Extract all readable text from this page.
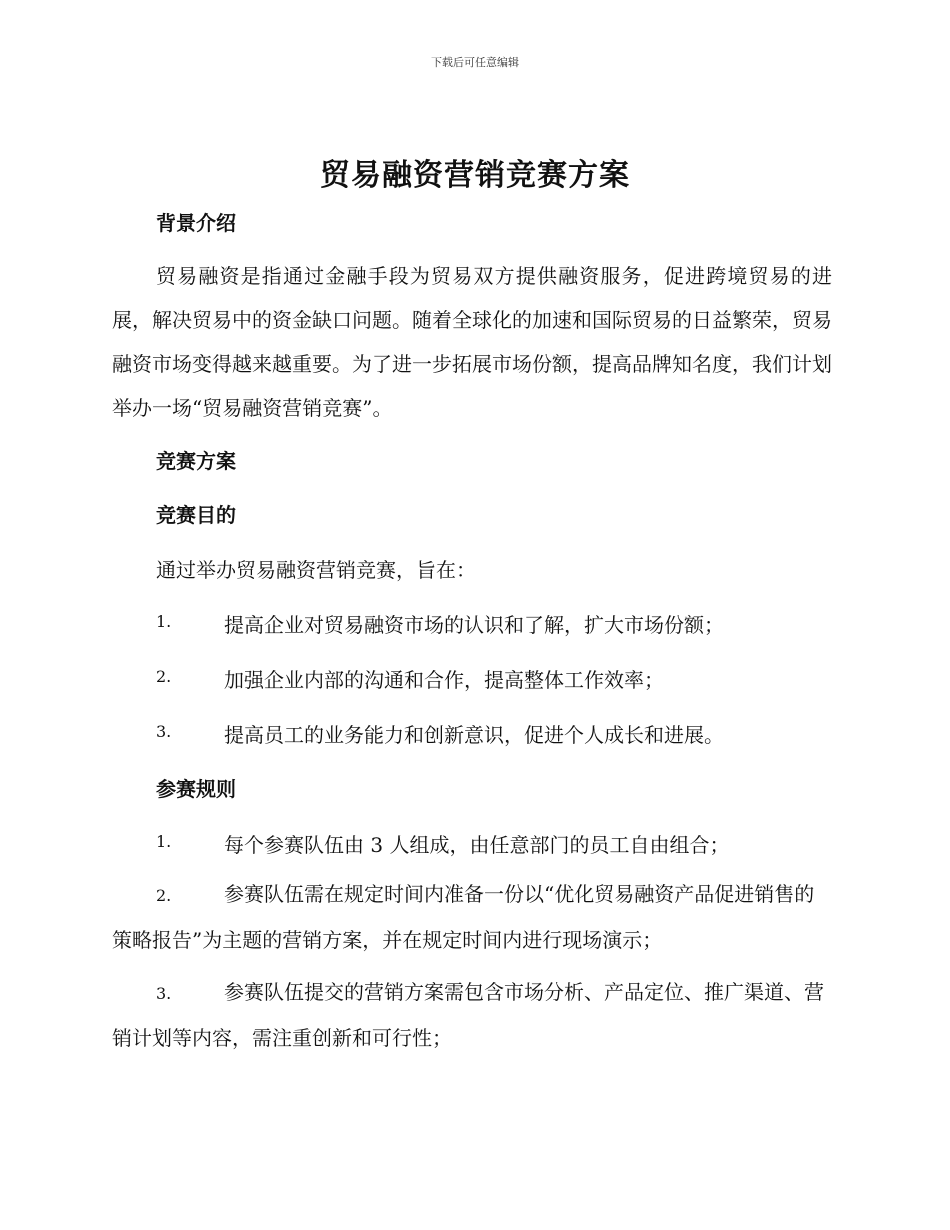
下载后可任意编辑
贸易融资营销竞赛方案
背景介绍
贸易融资是指通过金融手段为贸易双方提供融资服务，促进跨境贸易的进展，解决贸易中的资金缺口问题。随着全球化的加速和国际贸易的日益繁荣，贸易融资市场变得越来越重要。为了进一步拓展市场份额，提高品牌知名度，我们计划举办一场“贸易融资营销竞赛”。
竞赛方案
竞赛目的
通过举办贸易融资营销竞赛，旨在：
1.	提高企业对贸易融资市场的认识和了解，扩大市场份额；
2.	加强企业内部的沟通和合作，提高整体工作效率；
3.	提高员工的业务能力和创新意识，促进个人成长和进展。
参赛规则
1.	每个参赛队伍由 3 人组成，由任意部门的员工自由组合；
2.	参赛队伍需在规定时间内准备一份以“优化贸易融资产品促进销售的策略报告”为主题的营销方案，并在规定时间内进行现场演示；
3.	参赛队伍提交的营销方案需包含市场分析、产品定位、推广渠道、营销计划等内容，需注重创新和可行性；
